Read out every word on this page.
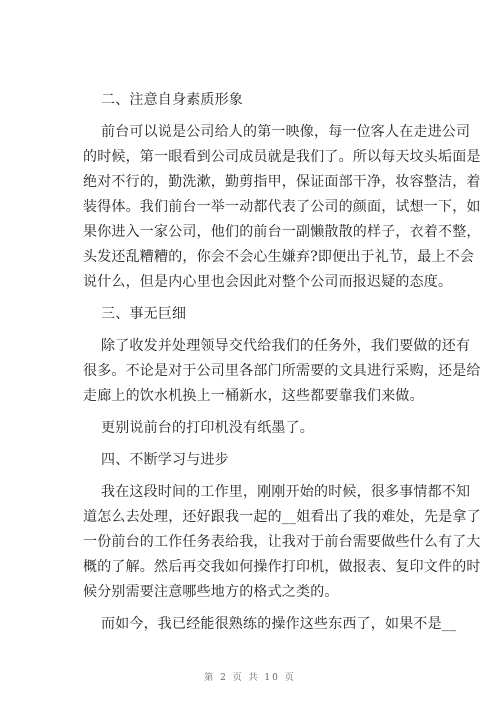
二、注意自身素质形象
前台可以说是公司给人的第一映像，每一位客人在走进公司
的时候，第一眼看到公司成员就是我们了。所以每天坟头垢面是
绝对不行的，勤洗漱，勤剪指甲，保证面部干净，妆容整洁，着
装得体。我们前台一举一动都代表了公司的颜面，试想一下，如
果你进入一家公司，他们的前台一副懒散散的样子，衣着不整，
头发还乱糟糟的，你会不会心生嫌弃?即便出于礼节，最上不会
说什么，但是内心里也会因此对整个公司而报迟疑的态度。
三、事无巨细
除了收发并处理领导交代给我们的任务外，我们要做的还有
很多。不论是对于公司里各部门所需要的文具进行采购，还是给
走廊上的饮水机换上一桶新水，这些都要靠我们来做。
更别说前台的打印机没有纸墨了。
四、不断学习与进步
我在这段时间的工作里，刚刚开始的时候，很多事情都不知
道怎么去处理，还好跟我一起的__姐看出了我的难处，先是拿了
一份前台的工作任务表给我，让我对于前台需要做些什么有了大
概的了解。然后再交我如何操作打印机，做报表、复印文件的时
候分别需要注意哪些地方的格式之类的。
而如今，我已经能很熟练的操作这些东西了，如果不是__
第 2 页 共 10 页
